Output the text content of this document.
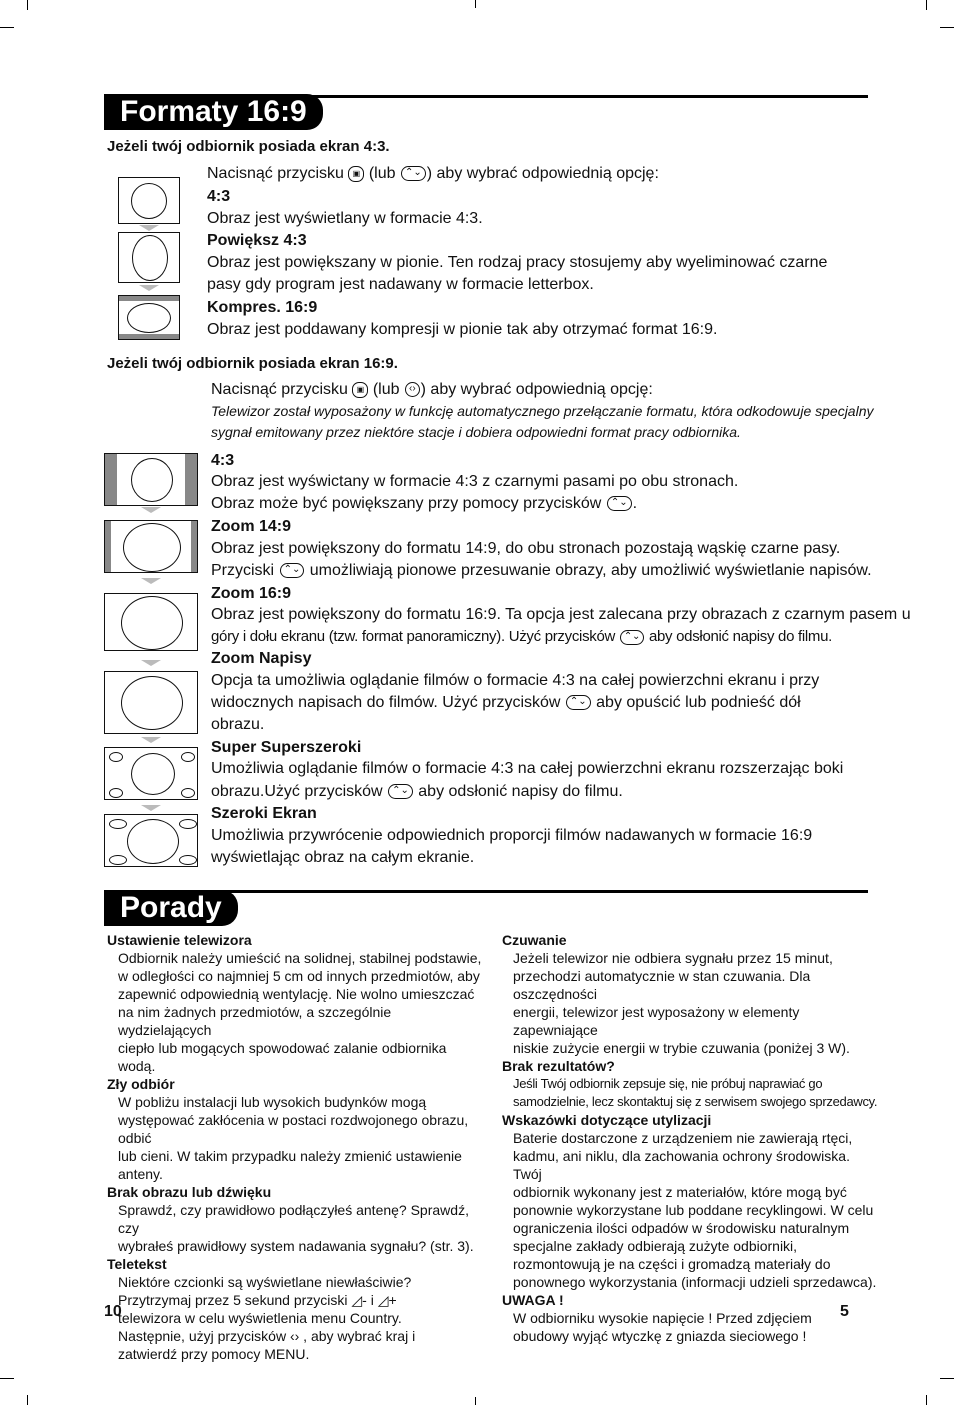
Formaty 16:9
Jeżeli twój odbiornik posiada ekran 4:3.
Nacisnąć przycisku ▣ (lub ⌃⌄ ) aby wybrać odpowiednią opcję:
4:3
Obraz jest wyświetlany w formacie 4:3.
Powiększ 4:3
Obraz jest powiększany w pionie. Ten rodzaj pracy stosujemy aby wyeliminować czarne pasy gdy program jest nadawany w formacie letterbox.
Kompres. 16:9
Obraz jest poddawany kompresji w pionie tak aby otrzymać format 16:9.
Jeżeli twój odbiornik posiada ekran 16:9.
Nacisnąć przycisku ▣ (lub ‹› ) aby wybrać odpowiednią opcję:
Telewizor został wyposażony w funkcję automatycznego przełączanie formatu, która odkodowuje specjalny sygnał emitowany przez niektóre stacje i dobiera odpowiedni format pracy odbiornika.
4:3
Obraz jest wyświctany w formacie 4:3 z czarnymi pasami po obu stronach.
Obraz może być powiększany przy pomocy przycisków ⌃⌄ .
Zoom 14:9
Obraz jest powiększony do formatu 14:9, do obu stronach pozostają wąskię czarne pasy.
Przyciski ⌃⌄ umożliwiają pionowe przesuwanie obrazy, aby umożliwić wyświetlanie napisów.
Zoom 16:9
Obraz jest powiększony do formatu 16:9. Ta opcja jest zalecana przy obrazach z czarnym pasem u
góry i dołu ekranu (tzw. format panoramiczny). Użyć przycisków ⌃⌄ aby odsłonić napisy do filmu.
Zoom Napisy
Opcja ta umożliwia oglądanie filmów o formacie 4:3 na całej powierzchni ekranu i przy
widocznych napisach do filmów. Użyć przycisków ⌃⌄ aby opuścić lub podnieść dół
obrazu.
Super Superszeroki
Umożliwia oglądanie filmów o formacie 4:3 na całej powierzchni ekranu rozszerzając boki
obrazu.Użyć przycisków ⌃⌄ aby odsłonić napisy do filmu.
Szeroki Ekran
Umożliwia przywrócenie odpowiednich proporcji filmów nadawanych w formacie 16:9
wyświetlając obraz na całym ekranie.
Porady
Ustawienie telewizora
Odbiornik należy umieścić na solidnej, stabilnej podstawie,
w odległości co najmniej 5 cm od innych przedmiotów, aby
zapewnić odpowiednią wentylację. Nie wolno umieszczać
na nim żadnych przedmiotów, a szczególnie wydzielających
ciepło lub mogących spowodować zalanie odbiornika wodą.
Zły odbiór
W pobliżu instalacji lub wysokich budynków mogą
występować zakłócenia w postaci rozdwojonego obrazu, odbić
lub cieni. W takim przypadku należy zmienić ustawienie anteny.
Brak obrazu lub dźwięku
Sprawdź, czy prawidłowo podłączyłeś antenę? Sprawdź, czy
wybrałeś prawidłowy system nadawania sygnału? (str. 3).
Teletekst
Niektóre czcionki są wyświetlane niewłaściwie?
Przytrzymaj przez 5 sekund przyciski ◿- i ◿+
telewizora w celu wyświetlenia menu Country.
Następnie, użyj przycisków ‹› , aby wybrać kraj i
zatwierdź przy pomocy MENU.
Czuwanie
Jeżeli telewizor nie odbiera sygnału przez 15 minut,
przechodzi automatycznie w stan czuwania. Dla oszczędności
energii, telewizor jest wyposażony w elementy zapewniające
niskie zużycie energii w trybie czuwania (poniżej 3 W).
Brak rezultatów?
Jeśli Twój odbiornik zepsuje się, nie próbuj naprawiać go
samodzielnie, lecz skontaktuj się z serwisem swojego sprzedawcy.
Wskazówki dotyczące utylizacji
Baterie dostarczone z urządzeniem nie zawierają rtęci,
kadmu, ani niklu, dla zachowania ochrony środowiska. Twój
odbiornik wykonany jest z materiałów, które mogą być
ponownie wykorzystane lub poddane recyklingowi. W celu
ograniczenia ilości odpadów w środowisku naturalnym
specjalne zakłady odbierają zużyte odbiorniki,
rozmontowują je na części i gromadzą materiały do
ponownego wykorzystania (informacji udzieli sprzedawca).
UWAGA !
W odbiorniku wysokie napięcie ! Przed zdjęciem
obudowy wyjąć wtyczkę z gniazda sieciowego !
10	5
